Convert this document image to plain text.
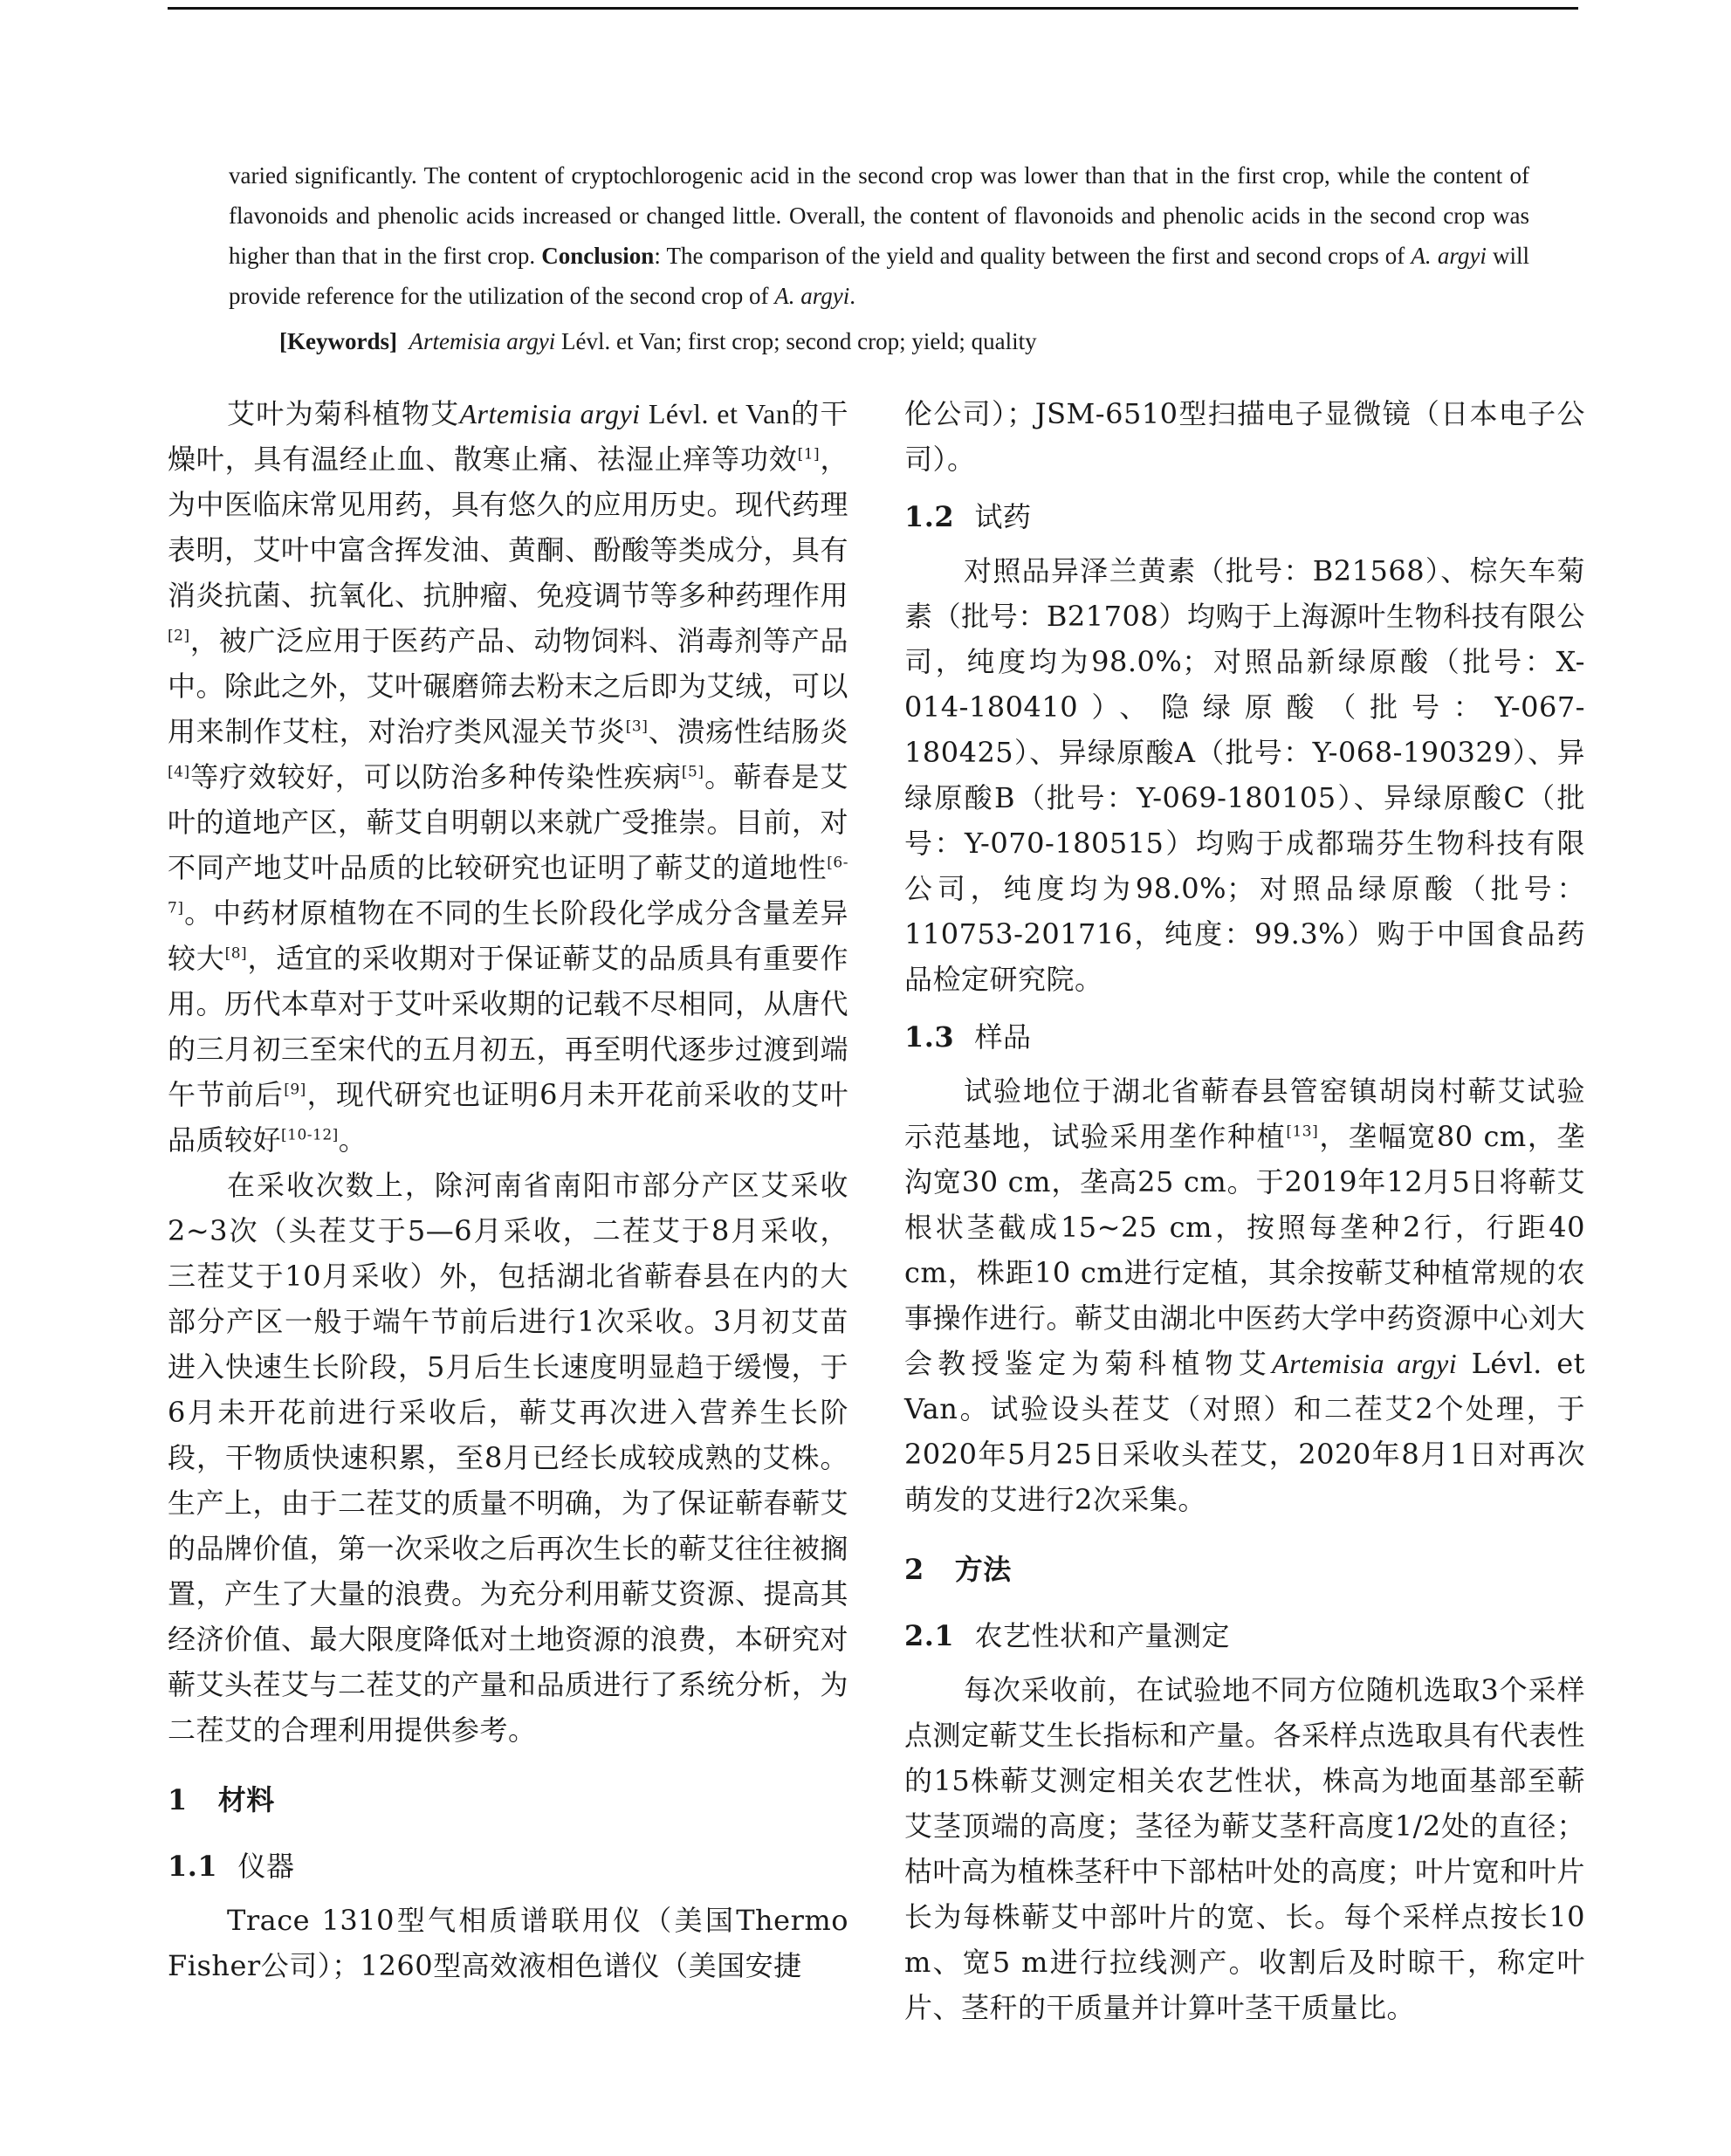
varied significantly. The content of cryptochlorogenic acid in the second crop was lower than that in the first crop, while the content of flavonoids and phenolic acids increased or changed little. Overall, the content of flavonoids and phenolic acids in the second crop was higher than that in the first crop. Conclusion: The comparison of the yield and quality between the first and second crops of A. argyi will provide reference for the utilization of the second crop of A. argyi.

[Keywords] Artemisia argyi Lévl. et Van; first crop; second crop; yield; quality

艾叶为菊科植物艾Artemisia argyi Lévl. et Van的干燥叶，具有温经止血、散寒止痛、祛湿止痒等功效[1]，为中医临床常见用药，具有悠久的应用历史。现代药理表明，艾叶中富含挥发油、黄酮、酚酸等类成分，具有消炎抗菌、抗氧化、抗肿瘤、免疫调节等多种药理作用[2]，被广泛应用于医药产品、动物饲料、消毒剂等产品中。除此之外，艾叶碾磨筛去粉末之后即为艾绒，可以用来制作艾柱，对治疗类风湿关节炎[3]、溃疡性结肠炎[4]等疗效较好，可以防治多种传染性疾病[5]。蕲春是艾叶的道地产区，蕲艾自明朝以来就广受推崇。目前，对不同产地艾叶品质的比较研究也证明了蕲艾的道地性[6-7]。中药材原植物在不同的生长阶段化学成分含量差异较大[8]，适宜的采收期对于保证蕲艾的品质具有重要作用。历代本草对于艾叶采收期的记载不尽相同，从唐代的三月初三至宋代的五月初五，再至明代逐步过渡到端午节前后[9]，现代研究也证明6月未开花前采收的艾叶品质较好[10-12]。

在采收次数上，除河南省南阳市部分产区艾采收2~3次（头茬艾于5—6月采收，二茬艾于8月采收，三茬艾于10月采收）外，包括湖北省蕲春县在内的大部分产区一般于端午节前后进行1次采收。3月初艾苗进入快速生长阶段，5月后生长速度明显趋于缓慢，于6月未开花前进行采收后，蕲艾再次进入营养生长阶段，干物质快速积累，至8月已经长成较成熟的艾株。生产上，由于二茬艾的质量不明确，为了保证蕲春蕲艾的品牌价值，第一次采收之后再次生长的蕲艾往往被搁置，产生了大量的浪费。为充分利用蕲艾资源、提高其经济价值、最大限度降低对土地资源的浪费，本研究对蕲艾头茬艾与二茬艾的产量和品质进行了系统分析，为二茬艾的合理利用提供参考。

1 材料
1.1 仪器

Trace 1310型气相质谱联用仪（美国Thermo Fisher公司）；1260型高效液相色谱仪（美国安捷

伦公司）；JSM-6510型扫描电子显微镜（日本电子公司）。

1.2 试药

对照品异泽兰黄素（批号：B21568）、棕矢车菊素（批号：B21708）均购于上海源叶生物科技有限公司，纯度均为98.0%；对照品新绿原酸（批号：X-014-180410）、隐绿原酸（批号：Y-067-180425）、异绿原酸A（批号：Y-068-190329）、异绿原酸B（批号：Y-069-180105）、异绿原酸C（批号：Y-070-180515）均购于成都瑞芬生物科技有限公司，纯度均为98.0%；对照品绿原酸（批号：110753-201716，纯度：99.3%）购于中国食品药品检定研究院。

1.3 样品

试验地位于湖北省蕲春县管窑镇胡岗村蕲艾试验示范基地，试验采用垄作种植[13]，垄幅宽80 cm，垄沟宽30 cm，垄高25 cm。于2019年12月5日将蕲艾根状茎截成15~25 cm，按照每垄种2行，行距40 cm，株距10 cm进行定植，其余按蕲艾种植常规的农事操作进行。蕲艾由湖北中医药大学中药资源中心刘大会教授鉴定为菊科植物艾Artemisia argyi Lévl. et Van。试验设头茬艾（对照）和二茬艾2个处理，于2020年5月25日采收头茬艾，2020年8月1日对再次萌发的艾进行2次采集。

2 方法
2.1 农艺性状和产量测定

每次采收前，在试验地不同方位随机选取3个采样点测定蕲艾生长指标和产量。各采样点选取具有代表性的15株蕲艾测定相关农艺性状，株高为地面基部至蕲艾茎顶端的高度；茎径为蕲艾茎秆高度1/2处的直径；枯叶高为植株茎秆中下部枯叶处的高度；叶片宽和叶片长为每株蕲艾中部叶片的宽、长。每个采样点按长10 m、宽5 m进行拉线测产。收割后及时晾干，称定叶片、茎秆的干质量并计算叶茎干质量比。
